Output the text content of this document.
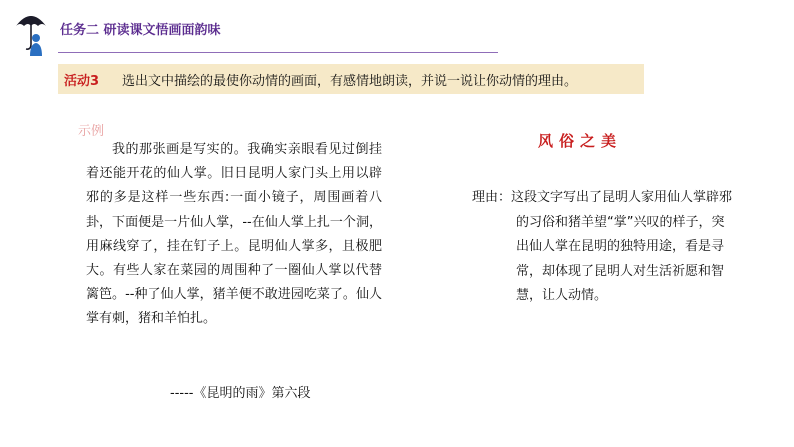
任务二 研读课文悟画面韵味
活动3	选出文中描绘的最使你动情的画面，有感情地朗读，并说一说让你动情的理由。
示例

我的那张画是写实的。我确实亲眼看见过倒挂着还能开花的仙人掌。旧日昆明人家门头上用以辟邪的多是这样一些东西:一面小镜子，周围画着八卦，下面便是一片仙人掌，--在仙人掌上扎一个洞，用麻线穿了，挂在钉子上。昆明仙人掌多，且极肥大。有些人家在菜园的周围种了一圈仙人掌以代替篱笆。--种了仙人掌，猪羊便不敢进园吃菜了。仙人掌有刺，猪和羊怕扎。

-----《昆明的雨》第六段
风俗之美
理由：这段文字写出了昆明人家用仙人掌辟邪的习俗和猪羊望“掌”兴叹的样子，突出仙人掌在昆明的独特用途，看是寻常，却体现了昆明人对生活祈愿和智慧，让人动情。
